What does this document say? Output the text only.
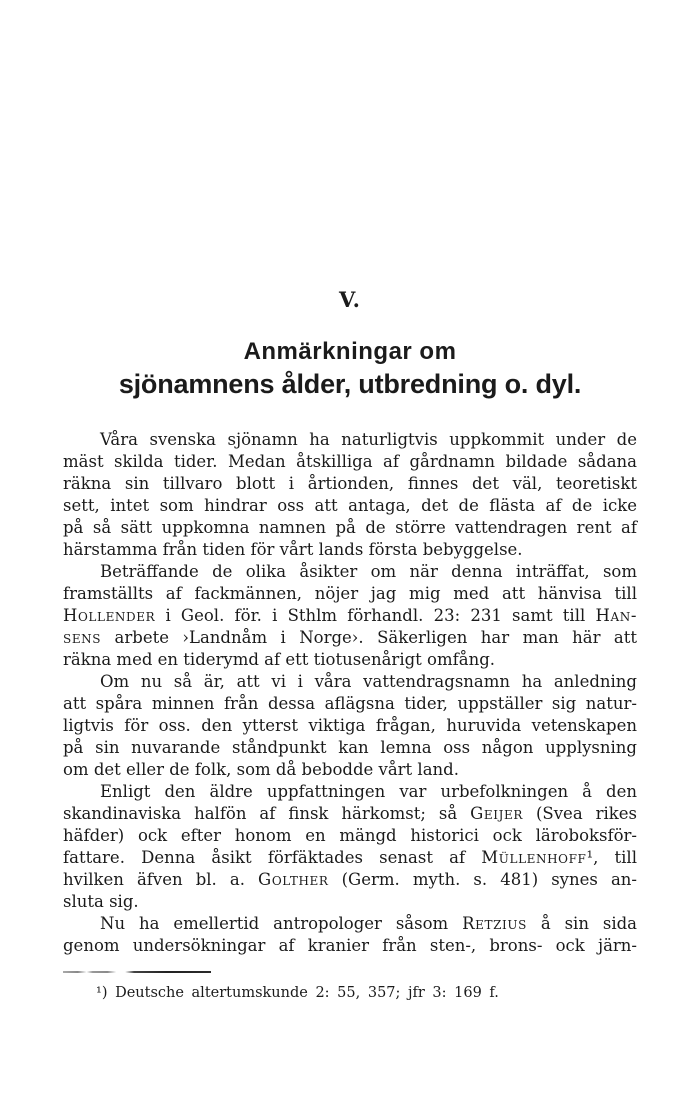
V.
Anmärkningar om
sjönamnens ålder, utbredning o. dyl.
Våra svenska sjönamn ha naturligtvis uppkommit under de
mäst skilda tider. Medan åtskilliga af gårdnamn bildade sådana
räkna sin tillvaro blott i årtionden, finnes det väl, teoretiskt
sett, intet som hindrar oss att antaga, det de flästa af de icke
på så sätt uppkomna namnen på de större vattendragen rent af
härstamma från tiden för vårt lands första bebyggelse.
Beträffande de olika åsikter om när denna inträffat, som
framställts af fackmännen, nöjer jag mig med att hänvisa till
Hollender i Geol. för. i Sthlm förhandl. 23: 231 samt till Han-
sens arbete ›Landnåm i Norge›. Säkerligen har man här att
räkna med en tiderymd af ett tiotusenårigt omfång.
Om nu så är, att vi i våra vattendragsnamn ha anledning
att spåra minnen från dessa aflägsna tider, uppställer sig natur-
ligtvis för oss. den ytterst viktiga frågan, huruvida vetenskapen
på sin nuvarande ståndpunkt kan lemna oss någon upplysning
om det eller de folk, som då bebodde vårt land.
Enligt den äldre uppfattningen var urbefolkningen å den
skandinaviska halfön af finsk härkomst; så Geijer (Svea rikes
häfder) ock efter honom en mängd historici ock läroboksför-
fattare. Denna åsikt förfäktades senast af Müllenhoff¹, till
hvilken äfven bl. a. Golther (Germ. myth. s. 481) synes an-
sluta sig.
Nu ha emellertid antropologer såsom Retzius å sin sida
genom undersökningar af kranier från sten-, brons- ock järn-
¹) Deutsche altertumskunde 2: 55, 357; jfr 3: 169 f.
